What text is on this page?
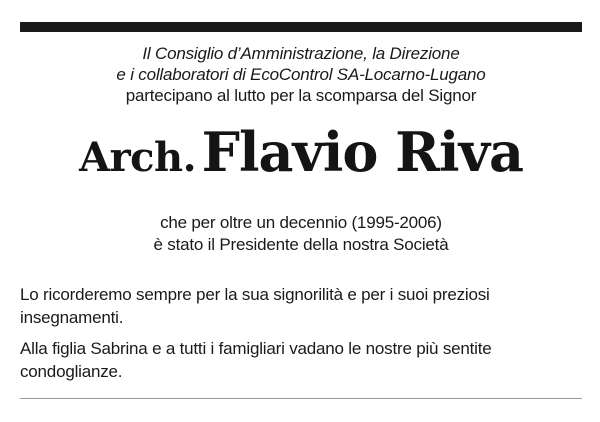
Il Consiglio d’Amministrazione, la Direzione
e i collaboratori di EcoControl SA-Locarno-Lugano
partecipano al lutto per la scomparsa del Signor
Arch. Flavio Riva
che per oltre un decennio (1995-2006)
è stato il Presidente della nostra Società

Lo ricorderemo sempre per la sua signorilità e per i suoi preziosi insegnamenti.

Alla figlia Sabrina e a tutti i famigliari vadano le nostre più sentite condoglianze.
